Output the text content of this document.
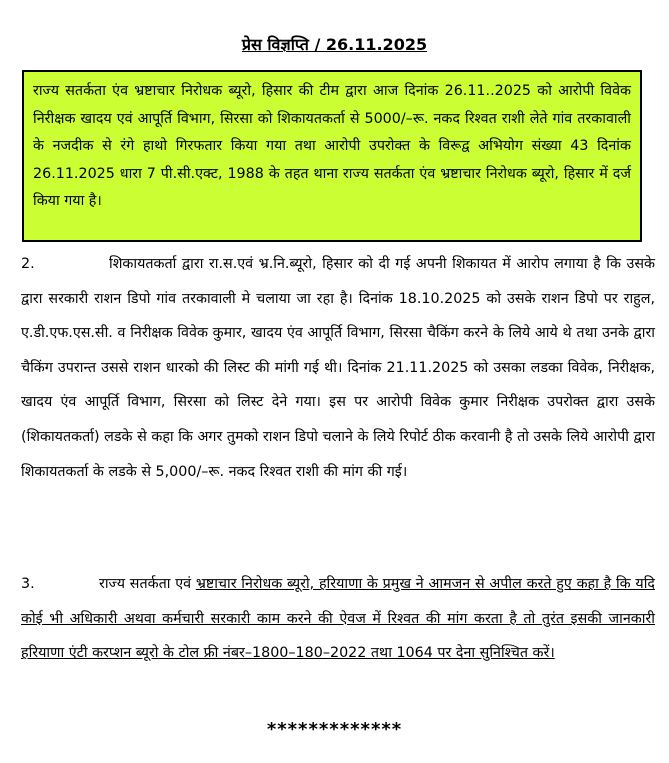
प्रेस विज्ञप्ति / 26.11.2025
राज्य सतर्कता एंव भ्रष्टाचार निरोधक ब्यूरो, हिसार की टीम द्वारा आज दिनांक 26.11..2025 को आरोपी विवेक निरीक्षक खादय एवं आपूर्ति विभाग, सिरसा को शिकायतकर्ता से 5000/–रू. नकद रिश्वत राशी लेते गांव तरकावाली के नजदीक से रंगे हाथो गिरफतार किया गया तथा आरोपी उपरोक्त के विरूद्व अभियोग संख्या 43 दिनांक 26.11.2025 धारा 7 पी.सी.एक्ट, 1988 के तहत थाना राज्य सतर्कता एंव भ्रष्टाचार निरोधक ब्यूरो, हिसार में दर्ज किया गया है।
2.	शिकायतकर्ता द्वारा रा.स.एवं भ्र.नि.ब्यूरो, हिसार को दी गई अपनी शिकायत में आरोप लगाया है कि उसके द्वारा सरकारी राशन डिपो गांव तरकावाली मे चलाया जा रहा है। दिनांक 18.10.2025 को उसके राशन डिपो पर राहुल, ए.डी.एफ.एस.सी. व निरीक्षक विवेक कुमार, खादय एंव आपूर्ति विभाग, सिरसा चैकिंग करने के लिये आये थे तथा उनके द्वारा चैकिंग उपरान्त उससे राशन धारको की लिस्ट की मांगी गई थी। दिनांक 21.11.2025 को उसका लडका विवेक, निरीक्षक, खादय एंव आपूर्ति विभाग, सिरसा को लिस्ट देने गया। इस पर आरोपी विवेक कुमार निरीक्षक उपरोक्त द्वारा उसके (शिकायतकर्ता) लडके से कहा कि अगर तुमको राशन डिपो चलाने के लिये रिपोर्ट ठीक करवानी है तो उसके लिये आरोपी द्वारा शिकायतकर्ता के लडके से 5,000/–रू. नकद रिश्वत राशी की मांग की गई।
3.	राज्य सतर्कता एवं भ्रष्टाचार निरोधक ब्यूरो, हरियाणा के प्रमुख ने आमजन से अपील करते हुए कहा है कि यदि कोई भी अधिकारी अथवा कर्मचारी सरकारी काम करने की ऐवज में रिश्वत की मांग करता है तो तुरंत इसकी जानकारी हरियाणा एंटी करप्शन ब्यूरो के टोल फ्री नंबर–1800–180–2022 तथा 1064 पर देना सुनिश्चित करें।
*************
